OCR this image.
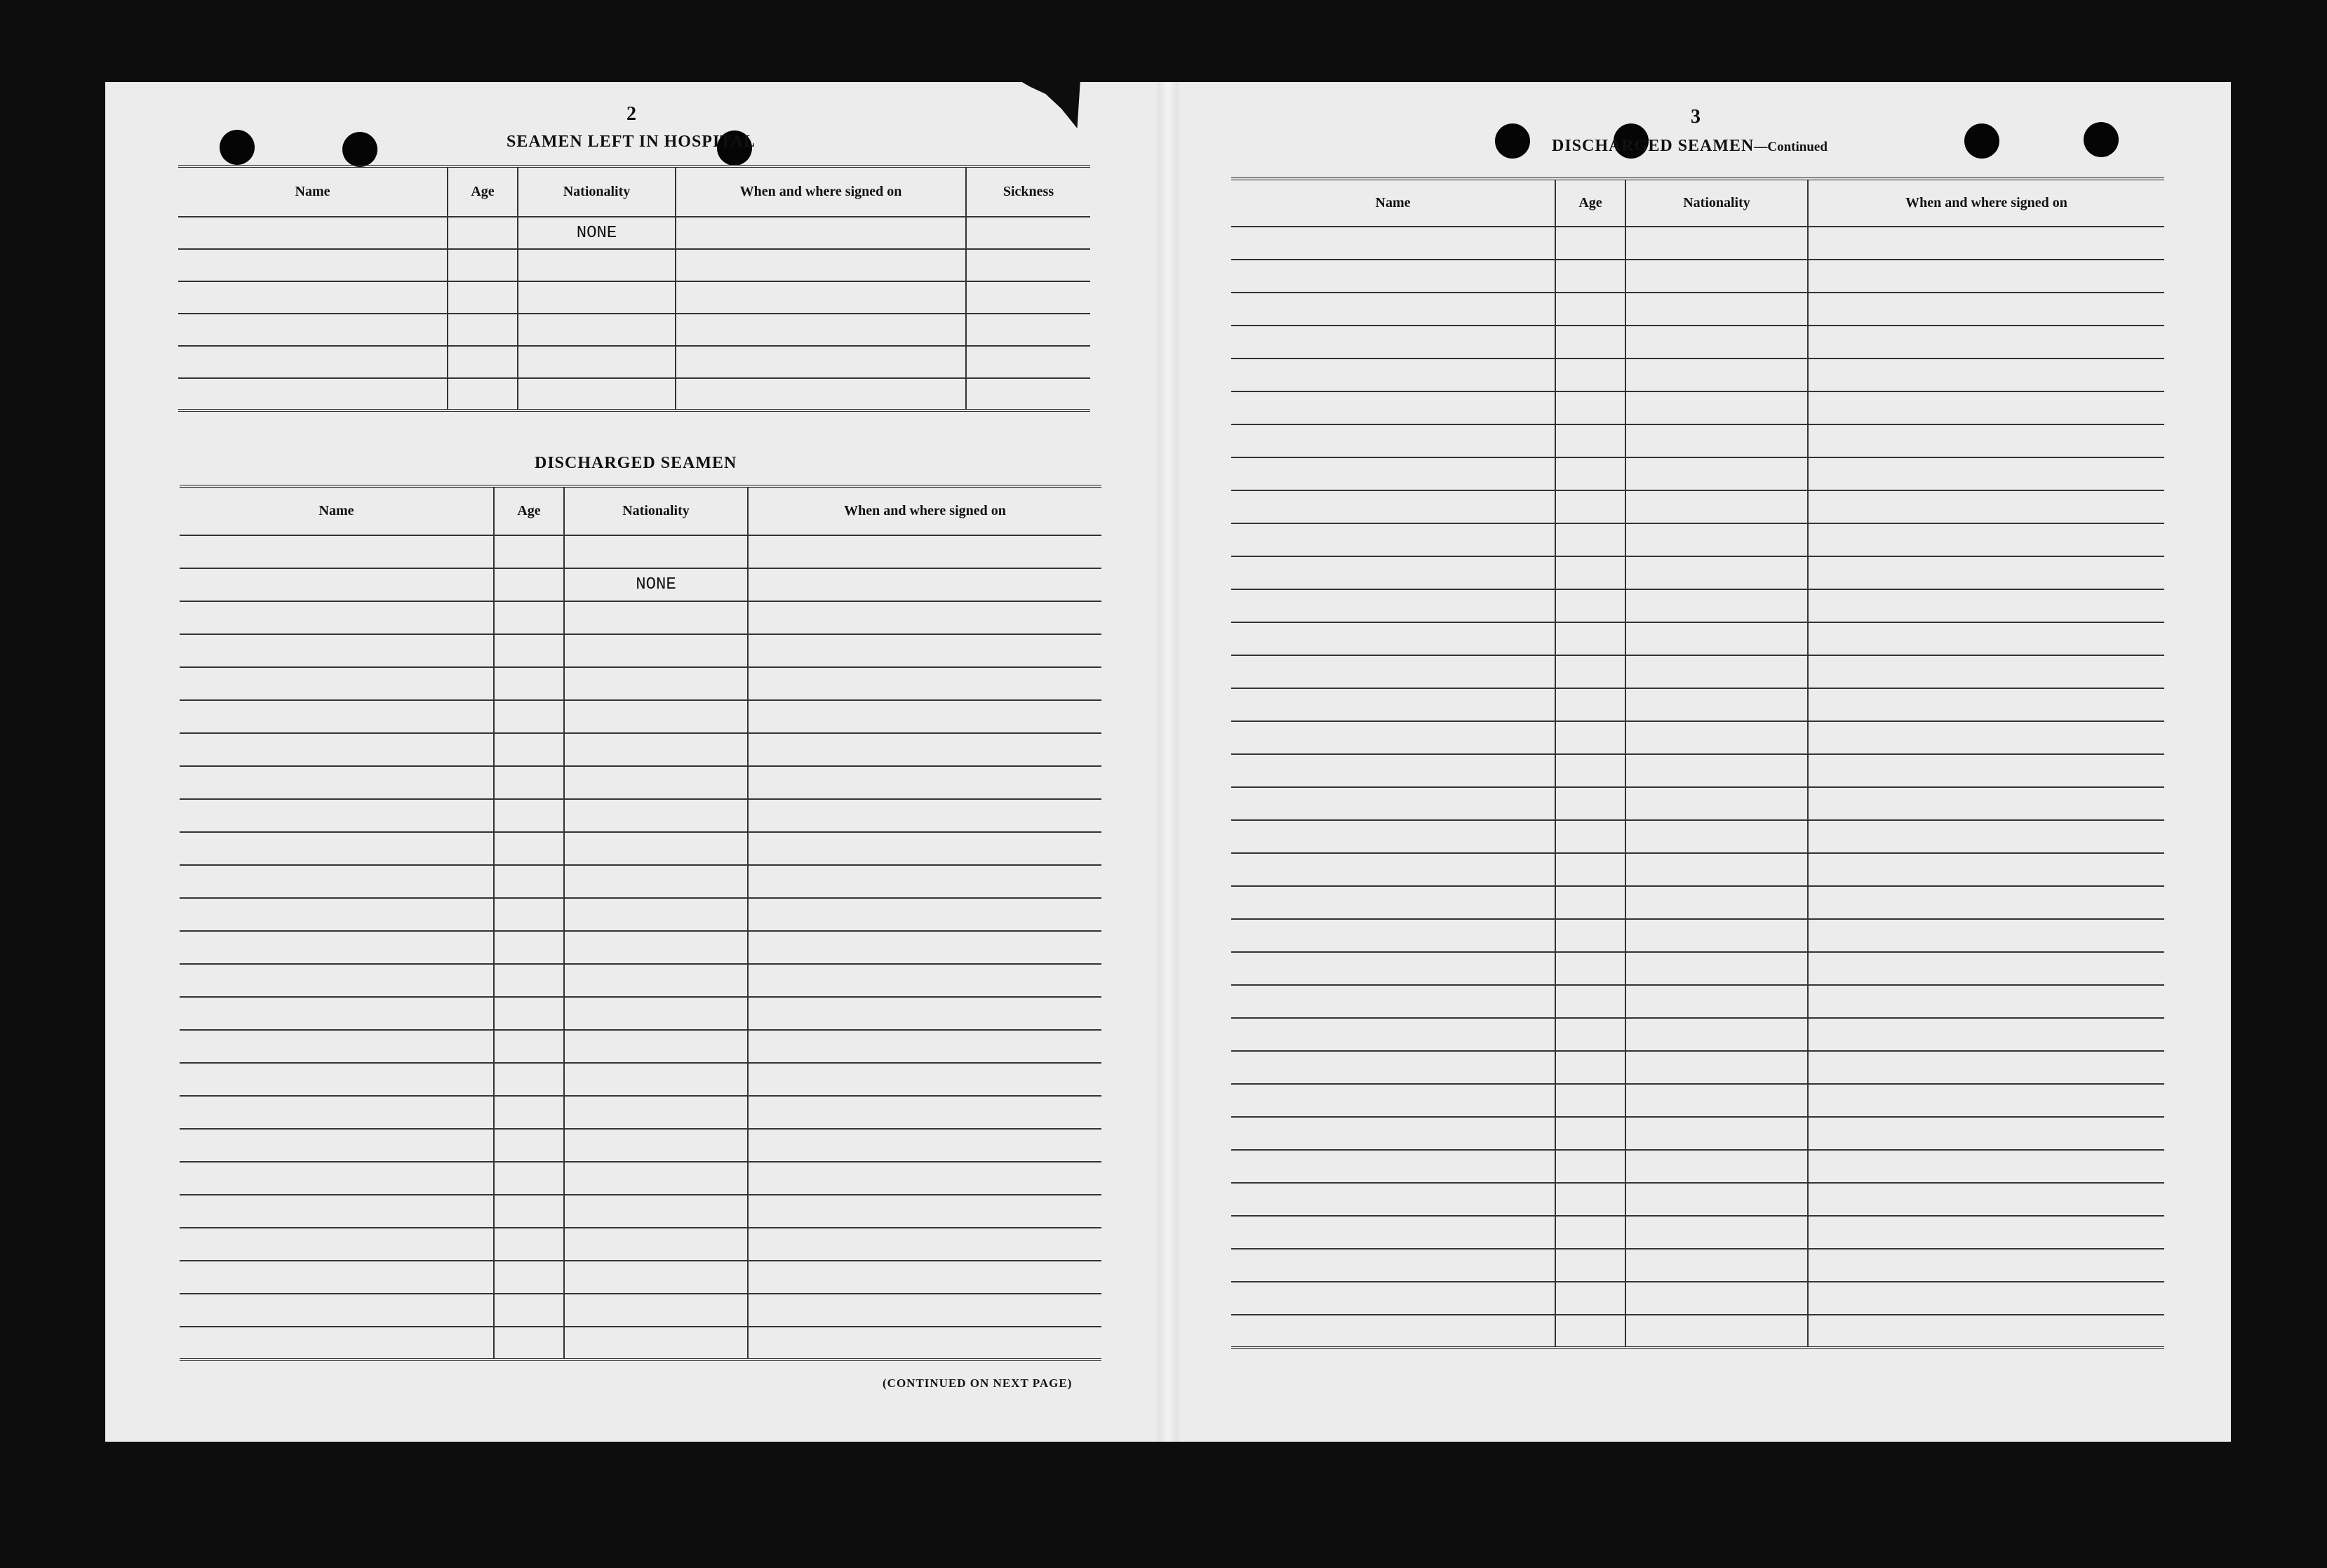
2
SEAMEN LEFT IN HOSPITAL
Name	Age	Nationality	When and where signed on	Sickness
		NONE		

DISCHARGED SEAMEN
Name	Age	Nationality	When and where signed on

		NONE	

(CONTINUED ON NEXT PAGE)
3
DISCHARGED SEAMEN—Continued
Name	Age	Nationality	When and where signed on
